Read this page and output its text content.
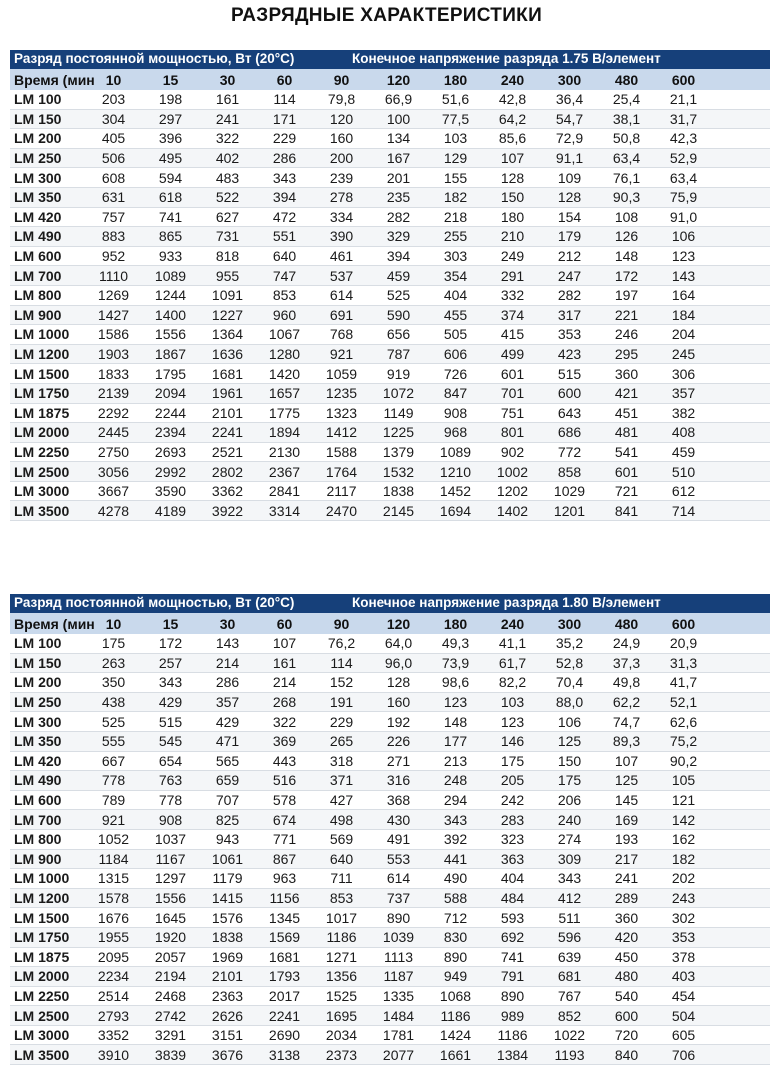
РАЗРЯДНЫЕ ХАРАКТЕРИСТИКИ
Разряд постоянной мощностью, Вт (20°С)	Конечное напряжение разряда 1.75 В/элемент
Время (мин 10	15	30	60	90	120	180	240	300	480	600
LM 100	203	198	161	114	79,8	66,9	51,6	42,8	36,4	25,4	21,1
LM 150	304	297	241	171	120	100	77,5	64,2	54,7	38,1	31,7
LM 200	405	396	322	229	160	134	103	85,6	72,9	50,8	42,3
LM 250	506	495	402	286	200	167	129	107	91,1	63,4	52,9
LM 300	608	594	483	343	239	201	155	128	109	76,1	63,4
LM 350	631	618	522	394	278	235	182	150	128	90,3	75,9
LM 420	757	741	627	472	334	282	218	180	154	108	91,0
LM 490	883	865	731	551	390	329	255	210	179	126	106
LM 600	952	933	818	640	461	394	303	249	212	148	123
LM 700	1110	1089	955	747	537	459	354	291	247	172	143
LM 800	1269	1244	1091	853	614	525	404	332	282	197	164
LM 900	1427	1400	1227	960	691	590	455	374	317	221	184
LM 1000	1586	1556	1364	1067	768	656	505	415	353	246	204
LM 1200	1903	1867	1636	1280	921	787	606	499	423	295	245
LM 1500	1833	1795	1681	1420	1059	919	726	601	515	360	306
LM 1750	2139	2094	1961	1657	1235	1072	847	701	600	421	357
LM 1875	2292	2244	2101	1775	1323	1149	908	751	643	451	382
LM 2000	2445	2394	2241	1894	1412	1225	968	801	686	481	408
LM 2250	2750	2693	2521	2130	1588	1379	1089	902	772	541	459
LM 2500	3056	2992	2802	2367	1764	1532	1210	1002	858	601	510
LM 3000	3667	3590	3362	2841	2117	1838	1452	1202	1029	721	612
LM 3500	4278	4189	3922	3314	2470	2145	1694	1402	1201	841	714
Разряд постоянной мощностью, Вт (20°С)	Конечное напряжение разряда 1.80 В/элемент
Время (мин 10	15	30	60	90	120	180	240	300	480	600
LM 100	175	172	143	107	76,2	64,0	49,3	41,1	35,2	24,9	20,9
LM 150	263	257	214	161	114	96,0	73,9	61,7	52,8	37,3	31,3
LM 200	350	343	286	214	152	128	98,6	82,2	70,4	49,8	41,7
LM 250	438	429	357	268	191	160	123	103	88,0	62,2	52,1
LM 300	525	515	429	322	229	192	148	123	106	74,7	62,6
LM 350	555	545	471	369	265	226	177	146	125	89,3	75,2
LM 420	667	654	565	443	318	271	213	175	150	107	90,2
LM 490	778	763	659	516	371	316	248	205	175	125	105
LM 600	789	778	707	578	427	368	294	242	206	145	121
LM 700	921	908	825	674	498	430	343	283	240	169	142
LM 800	1052	1037	943	771	569	491	392	323	274	193	162
LM 900	1184	1167	1061	867	640	553	441	363	309	217	182
LM 1000	1315	1297	1179	963	711	614	490	404	343	241	202
LM 1200	1578	1556	1415	1156	853	737	588	484	412	289	243
LM 1500	1676	1645	1576	1345	1017	890	712	593	511	360	302
LM 1750	1955	1920	1838	1569	1186	1039	830	692	596	420	353
LM 1875	2095	2057	1969	1681	1271	1113	890	741	639	450	378
LM 2000	2234	2194	2101	1793	1356	1187	949	791	681	480	403
LM 2250	2514	2468	2363	2017	1525	1335	1068	890	767	540	454
LM 2500	2793	2742	2626	2241	1695	1484	1186	989	852	600	504
LM 3000	3352	3291	3151	2690	2034	1781	1424	1186	1022	720	605
LM 3500	3910	3839	3676	3138	2373	2077	1661	1384	1193	840	706
